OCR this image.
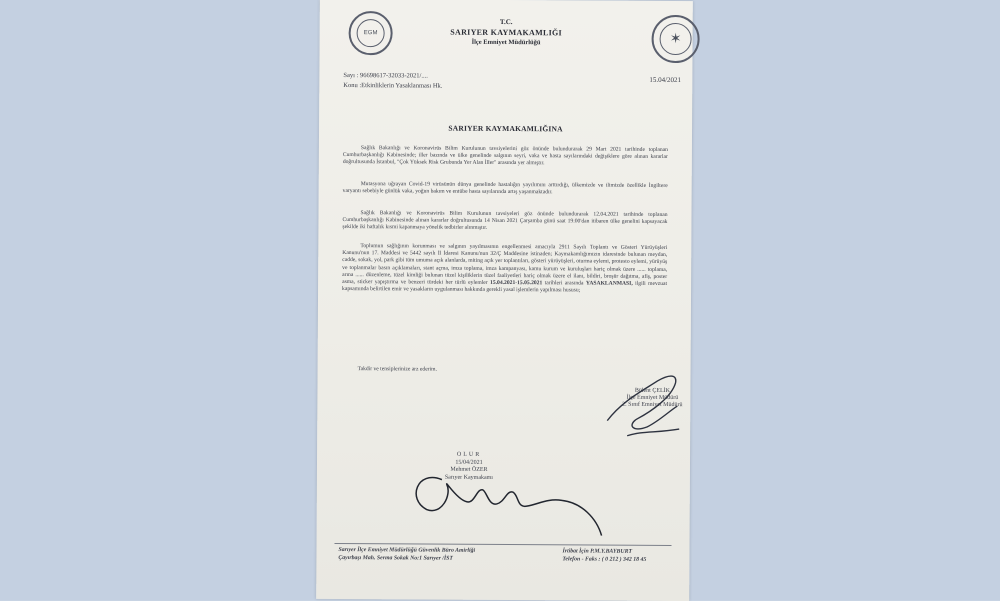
EGM	✶
T.C.
SARIYER KAYMAKAMLIĞI
İlçe Emniyet Müdürlüğü
Sayı : 96698617-32033-2021/....
Konu :Etkinliklerin Yasaklanması Hk.
15.04/2021
SARIYER KAYMAKAMLIĞINA

Sağlık Bakanlığı ve Koronavirüs Bilim Kurulunun tavsiyelerini göz önünde bulundurarak 29 Mart 2021 tarihinde toplanan Cumhurbaşkanlığı Kabinesinde; iller bazında ve ülke genelinde salgının seyri, vaka ve hasta sayılarındaki değişiklere göre alınan kararlar doğrultusunda İstanbul, "Çok Yüksek Risk Grubunda Yer Alan İller" arasında yer almıştır.

Mutasyona uğrayan Covid-19 virüsünün dünya genelinde hastalığın yayılımını arttırdığı, ülkemizde ve ilimizde özellikle İngiltere varyantı sebebiyle günlük vaka, yoğun bakım ve entübe hasta sayılarında artış yaşanmaktadır.

Sağlık Bakanlığı ve Koronavirüs Bilim Kurulunun tavsiyeleri göz önünde bulundurarak 12.04.2021 tarihinde toplanan Cumhurbaşkanlığı Kabinesinde alınan kararlar doğrultusunda 14 Nisan 2021 Çarşamba günü saat 19:00'dan itibaren ülke genelini kapsayacak şekilde iki haftalık kısmi kapanmaya yönelik tedbirler alınmıştır.

Toplumun sağlığının korunması ve salgının yayılmasının engellenmesi amacıyla 2911 Sayılı Toplantı ve Gösteri Yürüyüşleri Kanunu'nun 17. Maddesi ve 5442 sayılı İl İdaresi Kanunu'nun 32/Ç Maddesine istinaden; Kaymakamlığımızın idaresinde bulunan meydan, cadde, sokak, yol, park gibi tüm umuma açık alanlarda, miting açık yer toplantıları, gösteri yürüyüşleri, oturma eylemi, protesto eylemi, yürüyüş ve toplanmalar basın açıklamaları, stant açma, imza toplama, imza kampanyası, kamu kurum ve kuruluşları hariç olmak üzere ...... toplama, arına ...... düzenleme, tüzel kimliği bulunan tüzel kişiliklerin tüzel faaliyetleri hariç olmak üzere el ilanı, bildiri, broşür dağıtma, afiş, poster asma, sticker yapıştırma ve benzeri türdeki her türlü eylemler 15.04.2021-15.05.2021 tarihleri arasında YASAKLANMASI, ilgili mevzuat kapsamında belirtilen emir ve yasakların uygulanması hakkında gerekli yasal işlemlerin yapılması hususu;

Takdir ve tensiplerinize arz ederim.
Bülent ÇELİK
İlçe Emniyet Müdürü
2. Sınıf Emniyet Müdürü
OLUR
15/04/2021
Mehmet ÖZER
Sarıyer Kaymakamı
Sarıyer İlçe Emniyet Müdürlüğü Güvenlik Büro Amirliği
Çayırbaşı Mah. Serma Sokak No:1 Sarıyer /İST
İrtibat İçin P.M.Y.BAYBURT
Telefon - Faks : ( 0 212 ) 342 18 45
